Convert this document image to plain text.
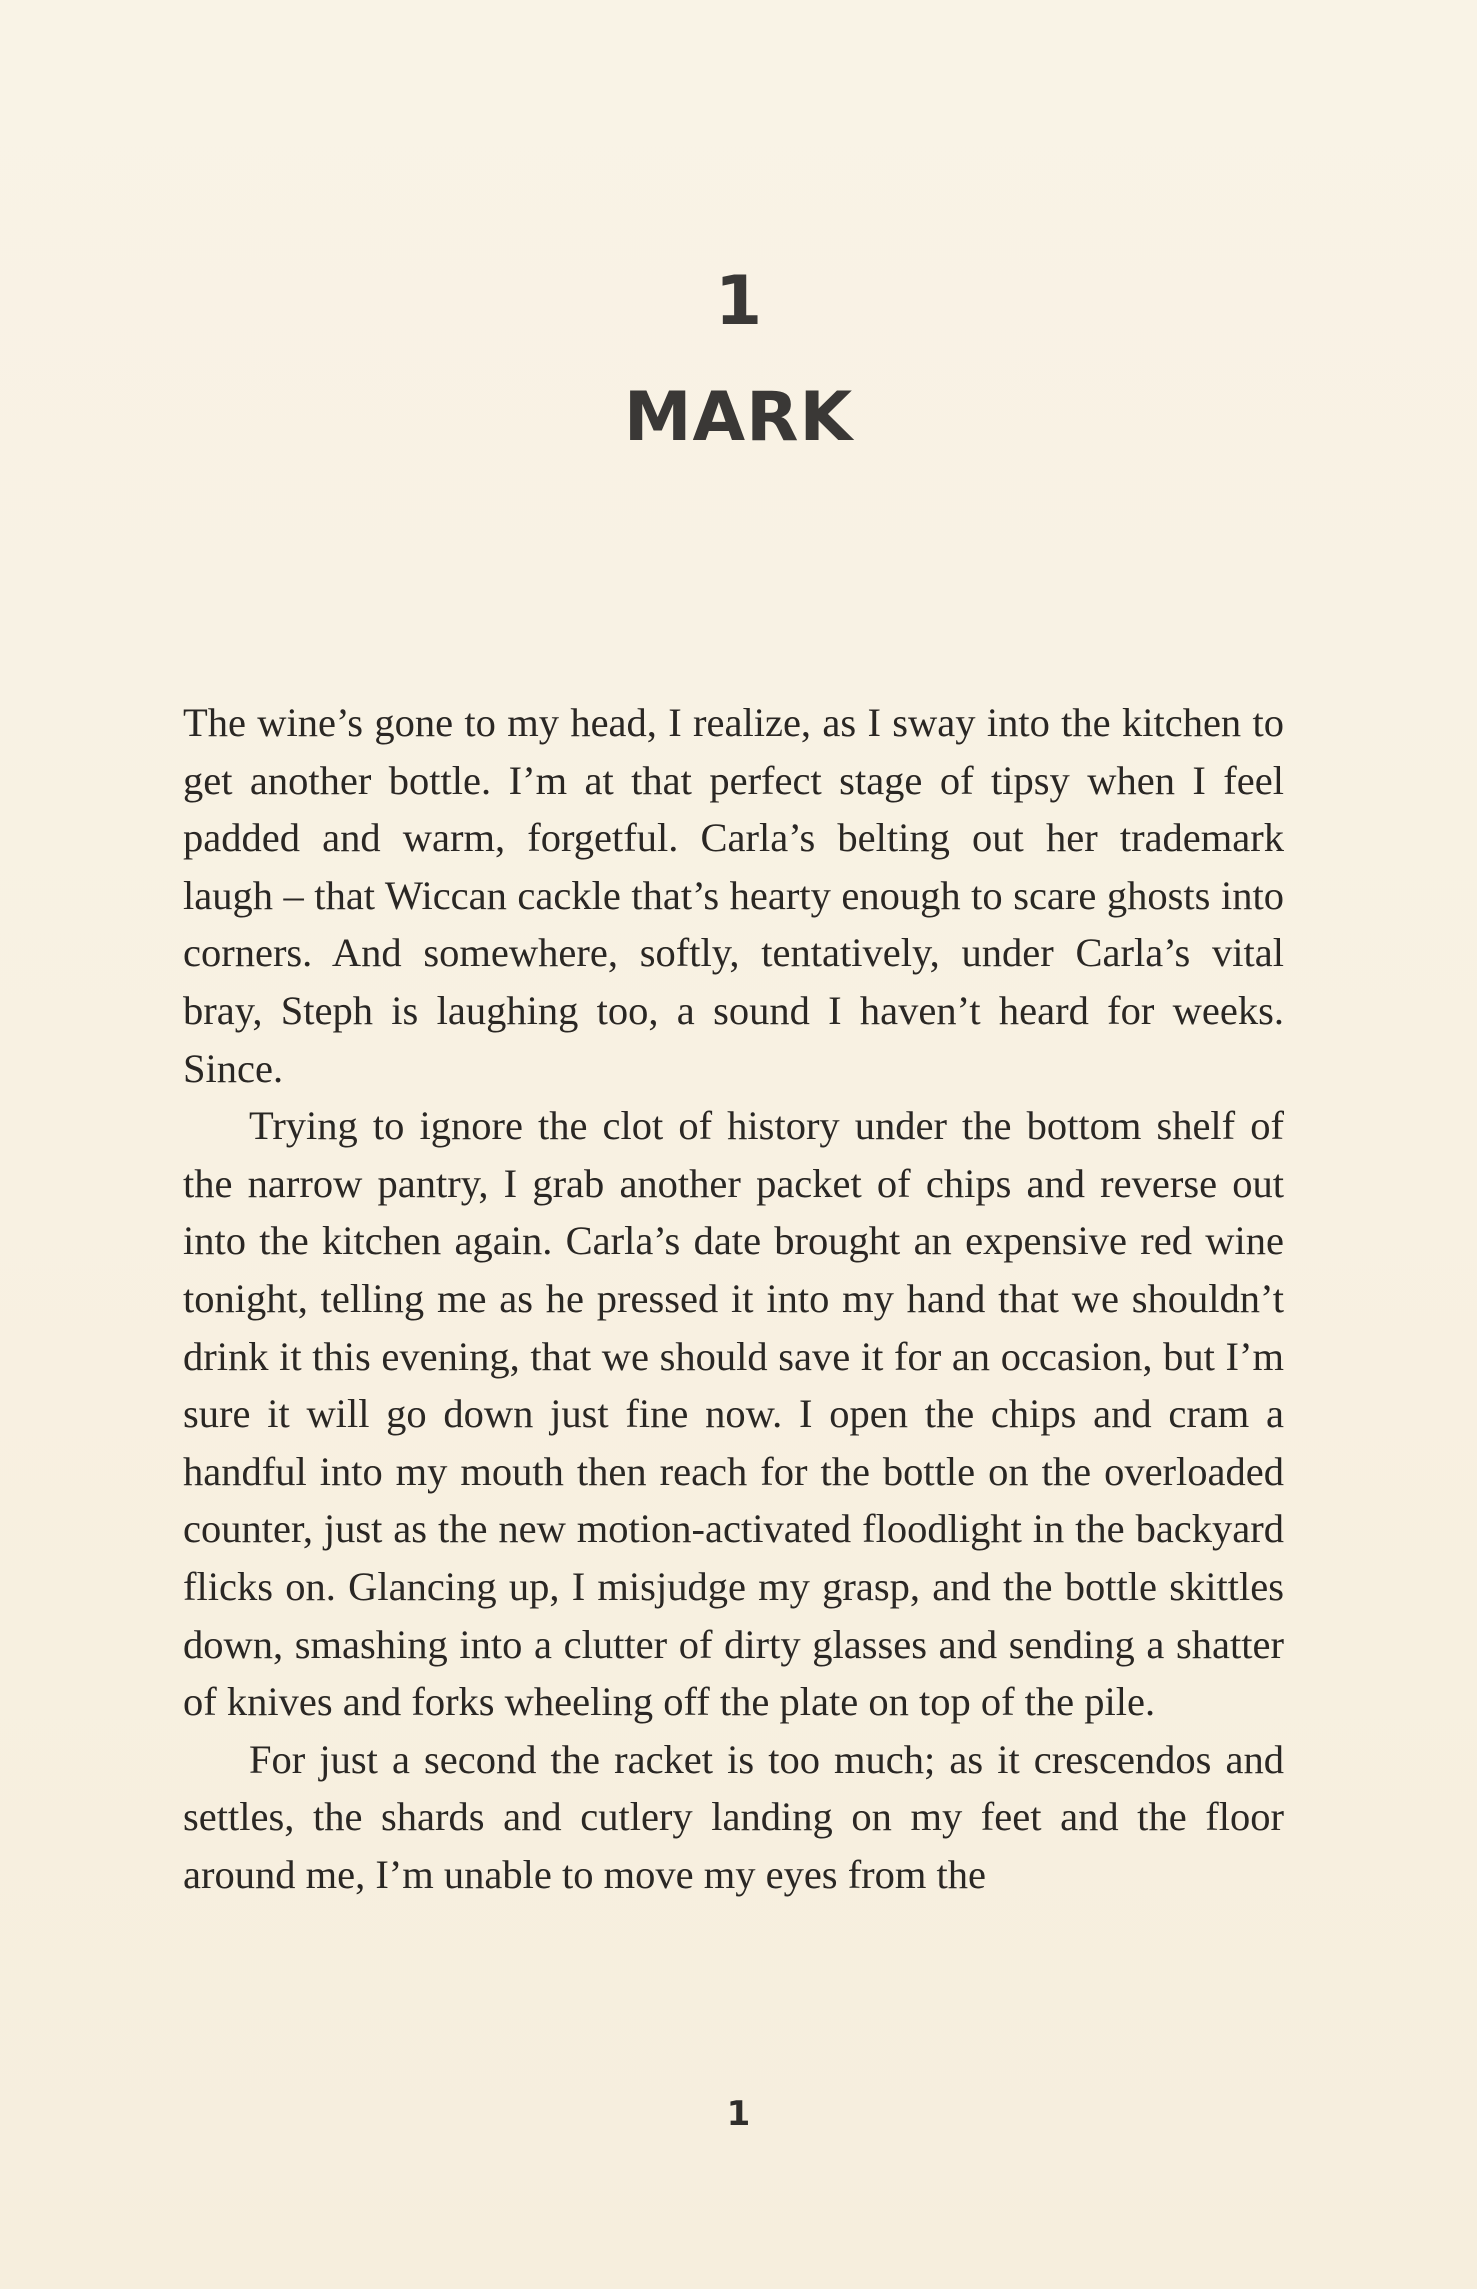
1
MARK

The wine’s gone to my head, I realize, as I sway into the kitchen to get another bottle. I’m at that perfect stage of tipsy when I feel padded and warm, forgetful. Carla’s belting out her trademark laugh – that Wiccan cackle that’s hearty enough to scare ghosts into corners. And somewhere, softly, tentatively, under Carla’s vital bray, Steph is laughing too, a sound I haven’t heard for weeks. Since.

Trying to ignore the clot of history under the bottom shelf of the narrow pantry, I grab another packet of chips and reverse out into the kitchen again. Carla’s date brought an expensive red wine tonight, telling me as he pressed it into my hand that we shouldn’t drink it this evening, that we should save it for an occasion, but I’m sure it will go down just fine now. I open the chips and cram a handful into my mouth then reach for the bottle on the overloaded counter, just as the new motion-activated floodlight in the backyard flicks on. Glancing up, I misjudge my grasp, and the bottle skittles down, smashing into a clutter of dirty glasses and sending a shatter of knives and forks wheeling off the plate on top of the pile.

For just a second the racket is too much; as it crescendos and settles, the shards and cutlery landing on my feet and the floor around me, I’m unable to move my eyes from the

1
